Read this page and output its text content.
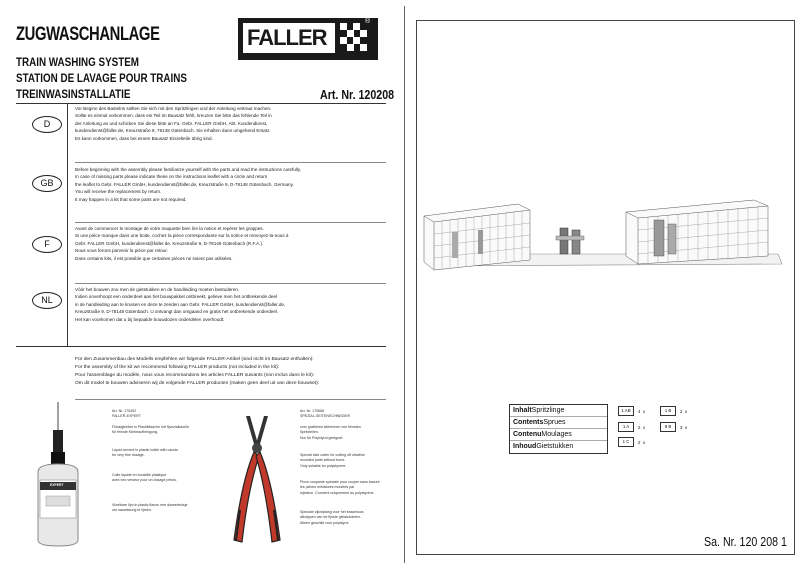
ZUGWASCHANLAGE
TRAIN WASHING SYSTEM
STATION DE LAVAGE POUR TRAINS
TREINWASINSTALLATIE	Art. Nr. 120208
FALLER
®
D
GB
F
NL
Vor Beginn des Bastelns sollten Sie sich mit den Spritzlingen und der Anleitung vertraut machen.
Sollte es einmal vorkommen, dass ein Teil im Bausatz fehlt, kreuzen Sie bitte das fehlende Teil in
der Anleitung an und schicken Sie diese bitte an Fa. Gebr. FALLER GmbH, Abt. Kundendienst,
kundendienst@faller.de, Kreuzstraße 9, 78148 Gütenbach. Sie erhalten dann umgehend Ersatz.
Es kann vorkommen, dass bei einem Bausatz Einzelteile übrig sind.
Before beginning with the assembly please familiarize yourself with the parts and read the instructions carefully.
In case of missing parts please indicate these on the instructions leaflet with a circle and return
the leaflet to Gebr. FALLER GmbH, kundendienst@faller.de, Kreuzstraße 9, D-78148 Gütenbach, Germany.
You will receive the replacement by return.
It may happen in a kit that some parts are not required.
Avant de commencer le montage de votre maquette bien lire la notice et repérer les grappes.
Si une pièce manque dans une boite, cochez la pièce correspondante sur la notice et renvoyez-la-nous à
Gebr. FALLER GmbH, kundendienst@faller.de, Kreuzstraße 9, D-78148 Gütenbach (R.F.A.).
Nous vous ferons parvenir la pièce par retour.
Dans certains kits, il est possible que certaines pièces ne soient pas utilisées.
Vóór het bouwen zou men de gietstukken en de handleiding moeten bestuderen.
Indien onverhoopt een onderdeel aan het bouwpakket ontbreekt, gelieve men het ontbrekende deel
in de handleiding aan te kruisen en deze te zenden aan Gebr. FALLER GmbH, kundendienst@faller.de,
Kreuzstraße 9, D-78148 Gütenbach. U ontvangt dan omgaand en gratis het ontbrekende onderdeel.
Het kan voorkomen dat u bij bepaalde bouwdozen onderdelen overhoudt.
Für den Zusammenbau des Modells empfehlen wir folgende FALLER-Artikel (sind nicht im Bausatz enthalten):
For the assembly of the kit we recommend following FALLER products (not included in the kit):
Pour l'assemblage du modèle, nous vous recommandons les articles FALLER suivants (non inclus dans le kit):
Om dit model te bouwen adviseren wij de volgende FALLER producten (maken geen deel uit van deze bouwset):
EXPERT
Art. Nr. 170492
FALLER-EXPERT
Flüssigkleber in Plastikflasche mit Spezialkanüle
für feinste Klebeaufbringung.
Liquid cement in plastic bottle with canule
for very fine dosage.
Colle liquide en bouteille plastique
avec bec verseur pour un dosage précis.
Vloeibare lijm in plastic flacon met doseerbuisje
om nauwkeurig te lijmen.
Art. Nr. 170688
SPEZIAL-SEITENSCHNEIDER
zum gratfreien Abtrennen von feinsten
Spritzteilen.
Nur für Polystyrol geeignet.
Special side cutter for cutting off ultrafine
moulded parts without burrs.
Only suitable for polystyrene.
Pince coupante spéciale pour couper sans bavure
les pièces miniatures moulées par
injection. Convient uniquement au polystyrène.
Speciale zijkniptang voor het braamloos
afknippen van de fijnste gietstukdelen.
Alleen geschikt voor polystyrol.
InhaltSpritzlinge
ContentsSprues
ContenuMoulages
InhoudGietstukken
1 AB	4 x	1 B	2 x
1 A	2 x	8 B	3 x
1 C	2 x
Sa. Nr. 120 208 1
